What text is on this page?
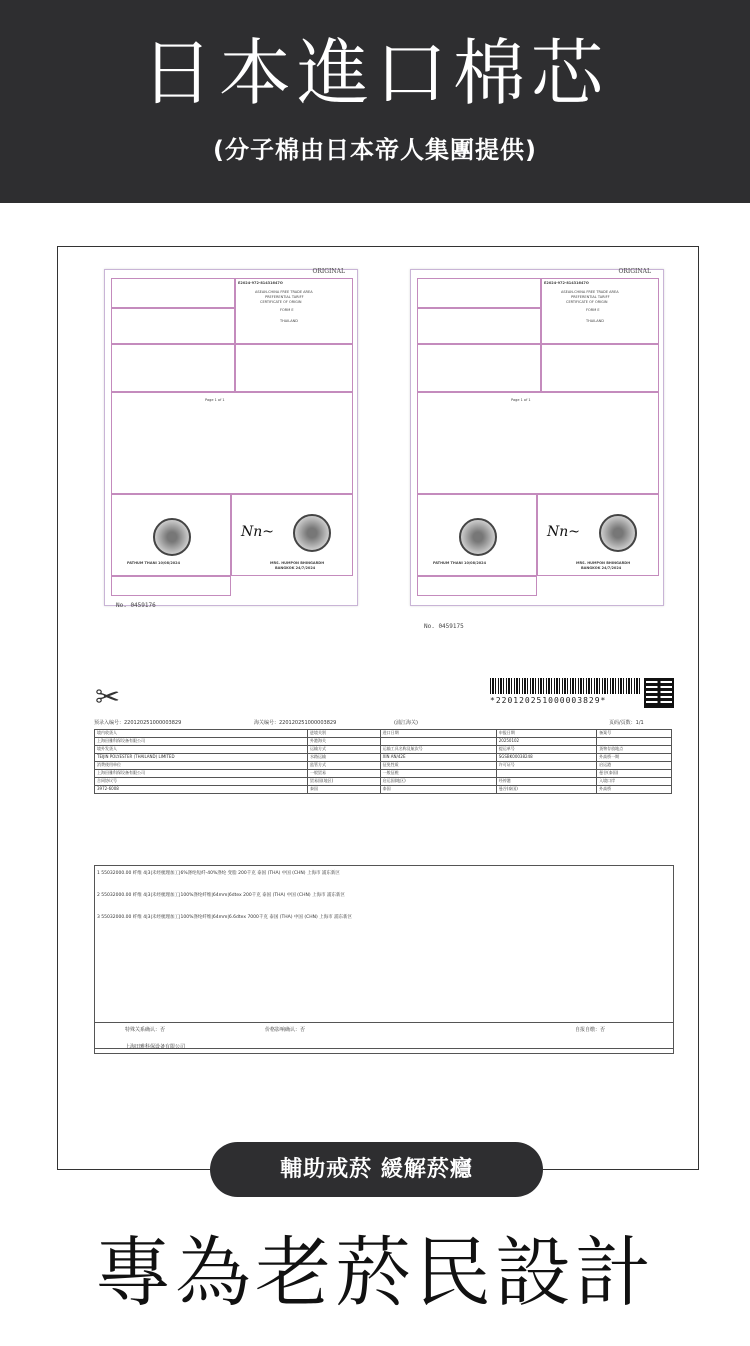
日本進口棉芯
(分子棉由日本帝人集團提供)
ORIGINAL
E2024-972-81431647O
ASEAN-CHINA FREE TRADE AREA
PREFERENTIAL TARIFF
CERTIFICATE OF ORIGIN
FORM E
THAILAND
Page 1 of 1
Nn~
PATHUM THANI 10/08/2024	MRS. HUMPON BHINGARDH
BANGKOK 24/7/2024
No. 0459176
ORIGINAL
E2024-972-81431647O
ASEAN-CHINA FREE TRADE AREA
PREFERENTIAL TARIFF
CERTIFICATE OF ORIGIN
FORM E
THAILAND
Page 1 of 1
Nn~
PATHUM THANI 10/08/2024	MRS. HUMPON BHINGARDH
BANGKOK 24/7/2024
No. 0459175
✂	*220120251000003829*
预录入编号：220120251000003829	海关编号：220120251000003829	(浦江海关)	页码/页数：1/1
境内收货人	进境关别	进口日期	申报日期	备案号
上海田雅科保设备有限公司	外港海关		20250102	
境外发货人	运输方式	运输工具名称及航次号	提运单号	货物存放地点
TEIJIN POLYESTER (THAILAND) LIMITED	水路运输	XIN AN/42E	SGSBK00038248	外高桥一期
消费使用单位	监管方式	征免性质	许可证号	启运港
上海田雅科保设备有限公司	一般贸易	一般征税		曼谷(泰国)
合同协议号	贸易国(地区)	启运国(地区)	经停港	入境口岸
3972-6008	泰国	泰国	曼谷(泰国)	外高桥
1 55032000.00 纤维 4|3|未经梳理加工|6%涤纶短纤-40%涤纶 变脂 200千克 泰国 (THA) 中国 (CHN) 上海市 浦东新区
2 55032000.00 纤维 4|3|未经梳理加工|100%涤纶纤维|64mm|6dtex 200千克 泰国 (THA) 中国 (CHN) 上海市 浦东新区
3 55032000.00 纤维 4|3|未经梳理加工|100%涤纶纤维|64mm|6.6dtex 7000千克 泰国 (THA) 中国 (CHN) 上海市 浦东新区
特殊关系确认：否	价格影响确认：否	自报自缴：否
上海田雅科保设备有限公司
輔助戒菸 緩解菸癮
專為老菸民設計
